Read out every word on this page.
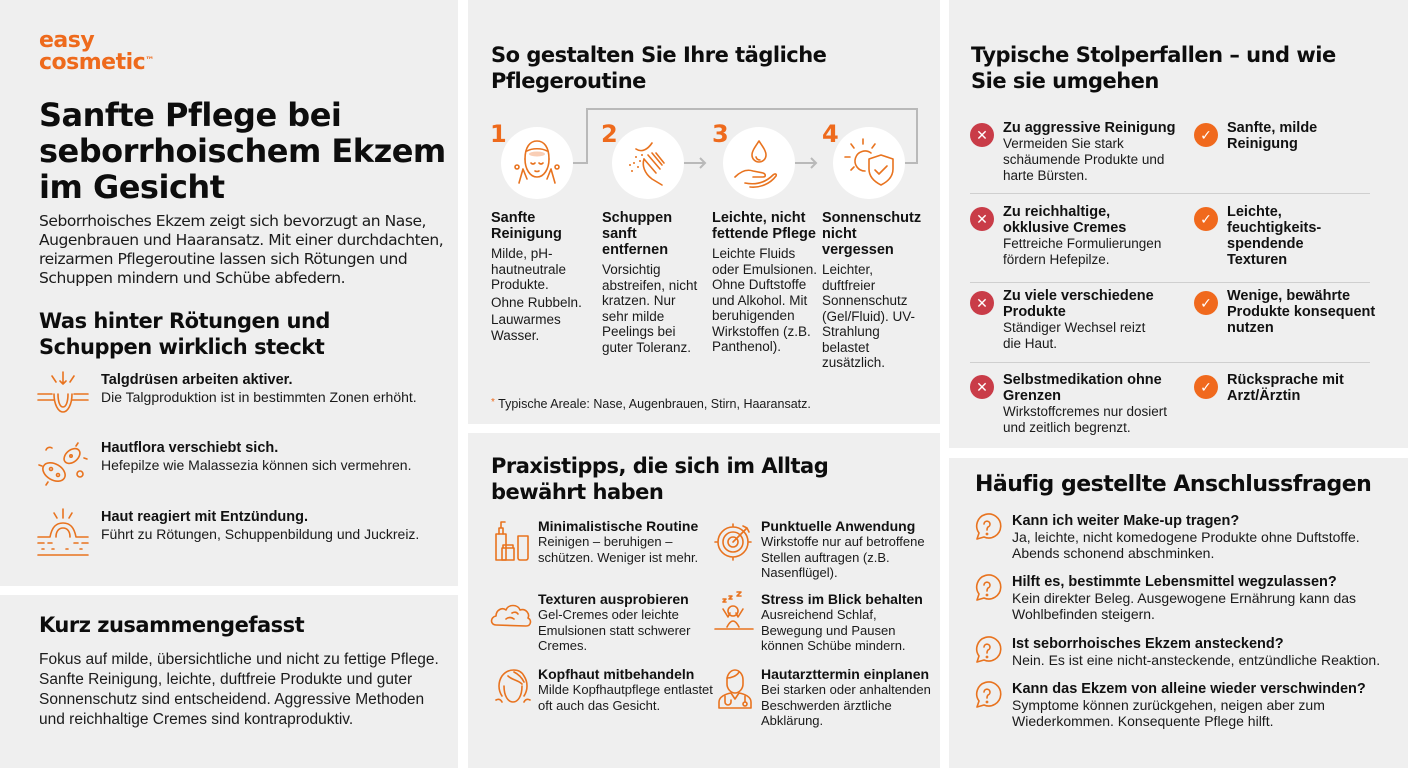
easy
cosmetic™
Sanfte Pflege bei seborrhoischem Ekzem im Gesicht

Seborrhoisches Ekzem zeigt sich bevorzugt an Nase, Augenbrauen und Haaransatz. Mit einer durchdachten, reizarmen Pflegeroutine lassen sich Rötungen und Schuppen mindern und Schübe abfedern.

Was hinter Rötungen und Schuppen wirklich steckt
Talgdrüsen arbeiten aktiver.
Die Talgproduktion ist in bestimmten Zonen erhöht.
Hautflora verschiebt sich.
Hefepilze wie Malassezia können sich vermehren.
Haut reagiert mit Entzündung.
Führt zu Rötungen, Schuppenbildung und Juckreiz.
Kurz zusammengefasst

Fokus auf milde, übersichtliche und nicht zu fettige Pflege. Sanfte Reinigung, leichte, duftfreie Produkte und guter Sonnenschutz sind entscheidend. Aggressive Methoden und reichhaltige Cremes sind kontraproduktiv.

So gestalten Sie Ihre tägliche Pflegeroutine
1	2	3	4
Sanfte Reinigung

Milde, pH-hautneutrale Produkte.

Ohne Rubbeln.

Lauwarmes Wasser.

Schuppen sanft entfernen
Vorsichtig abstreifen, nicht kratzen. Nur sehr milde Peelings bei guter Toleranz.
Leichte, nicht fettende Pflege
Leichte Fluids oder Emulsionen. Ohne Duftstoffe und Alkohol. Mit beruhigenden Wirkstoffen (z.B. Panthenol).
Sonnenschutz nicht vergessen
Leichter, duftfreier Sonnenschutz (Gel/Fluid). UV-Strahlung belastet zusätzlich.
* Typische Areale: Nase, Augenbrauen, Stirn, Haaransatz.
Praxistipps, die sich im Alltag bewährt haben
Minimalistische Routine
Reinigen – beruhigen – schützen. Weniger ist mehr.
Punktuelle Anwendung
Wirkstoffe nur auf betroffene Stellen auftragen (z.B. Nasenflügel).
Texturen ausprobieren
Gel-Cremes oder leichte Emulsionen statt schwerer Cremes.
Stress im Blick behalten
Ausreichend Schlaf, Bewegung und Pausen können Schübe mindern.
Kopfhaut mitbehandeln
Milde Kopfhautpflege entlastet oft auch das Gesicht.
Hautarzttermin einplanen
Bei starken oder anhaltenden Beschwerden ärztliche Abklärung.
Typische Stolperfallen – und wie Sie sie umgehen
✕	Zu aggressive Reinigung
Vermeiden Sie stark schäumende Produkte und harte Bürsten.
✓	Sanfte, milde Reinigung
✕	Zu reichhaltige, okklusive Cremes
Fettreiche Formulierungen fördern Hefepilze.
✓	Leichte, feuchtigkeits-spendende Texturen
✕	Zu viele verschiedene Produkte
Ständiger Wechsel reizt die Haut.
✓	Wenige, bewährte Produkte konsequent nutzen
✕	Selbstmedikation ohne Grenzen
Wirkstoffcremes nur dosiert und zeitlich begrenzt.
✓	Rücksprache mit Arzt/Ärztin
Häufig gestellte Anschlussfragen
Kann ich weiter Make-up tragen?
Ja, leichte, nicht komedogene Produkte ohne Duftstoffe. Abends schonend abschminken.
Hilft es, bestimmte Lebensmittel wegzulassen?
Kein direkter Beleg. Ausgewogene Ernährung kann das Wohlbefinden steigern.
Ist seborrhoisches Ekzem ansteckend?
Nein. Es ist eine nicht-ansteckende, entzündliche Reaktion.
Kann das Ekzem von alleine wieder verschwinden?
Symptome können zurückgehen, neigen aber zum Wiederkommen. Konsequente Pflege hilft.
